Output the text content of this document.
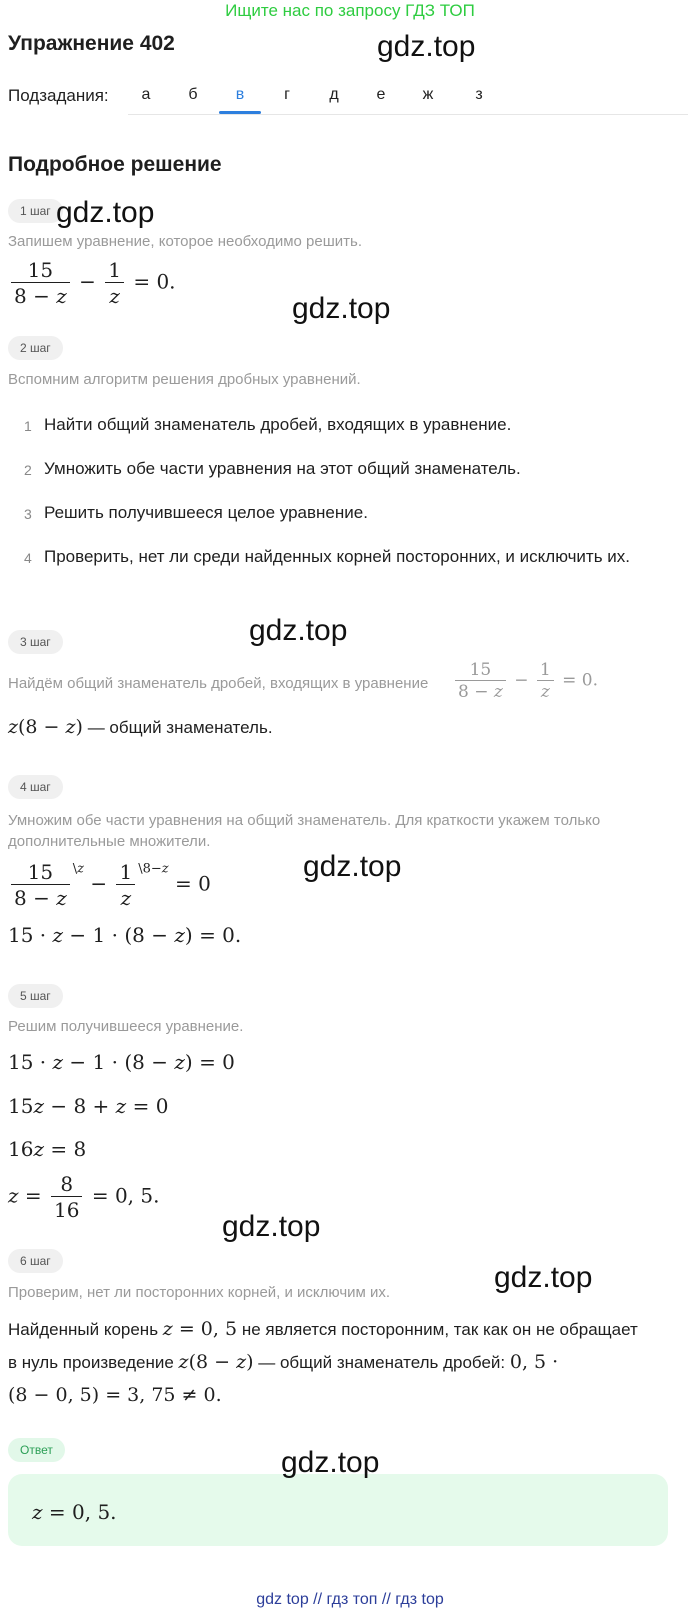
Ищите нас по запросу ГДЗ ТОП
Упражнение 402	gdz.top
Подзадания:	а	б	в	г	д	е	ж	з
Подробное решение
1 шаг gdz.top
Запишем уравнение, которое необходимо решить.
$\frac{15}{8 - z} - \frac{1}{z} = 0$.
gdz.top
2 шаг
Вспомним алгоритм решения дробных уравнений.
1 Найти общий знаменатель дробей, входящих в уравнение.
2 Умножить обе части уравнения на этот общий знаменатель.
3 Решить получившееся целое уравнение.
4 Проверить, нет ли среди найденных корней посторонних, и исключить их.
gdz.top
3 шаг
Найдём общий знаменатель дробей, входящих в уравнение $\frac{15}{8 - z} - \frac{1}{z} = 0$.
z(8 − z) — общий знаменатель.
4 шаг
Умножим обе части уравнения на общий знаменатель. Для краткости укажем только дополнительные множители.
$\frac{15}{8 - z} ^{\backslash z} - \frac{1}{z} ^{\backslash 8-z} = 0$
gdz.top
15 · z − 1 · (8 − z) = 0.
5 шаг
Решим получившееся уравнение.
15 · z − 1 · (8 − z) = 0
15z − 8 + z = 0
16z = 8
$z = \frac{8}{16} = 0$, 5.
gdz.top
6 шаг	gdz.top
Проверим, нет ли посторонних корней, и исключим их.
Найденный корень z = 0, 5 не является посторонним, так как он не обращает
в нуль произведение z(8 − z) — общий знаменатель дробей: 0, 5 ·
(8 − 0, 5) = 3, 75 ≠ 0.
Ответ	gdz.top
z = 0, 5.
gdz top // гдз топ // гдз top
